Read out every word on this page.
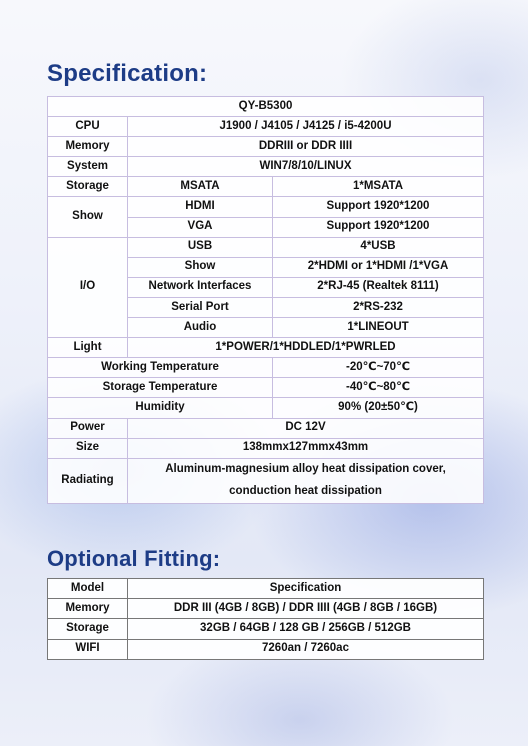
Specification:
QY-B5300		
CPU	J1900 / J4105 / J4125 / i5-4200U	
Memory	DDRIII or DDR IIII	
System	WIN7/8/10/LINUX	
Storage	MSATA	1*MSATA
Show	HDMI	Support 1920*1200
	VGA	Support 1920*1200
I/O	USB	4*USB
	Show	2*HDMI or 1*HDMI /1*VGA
	Network Interfaces	2*RJ-45 (Realtek 8111)
	Serial Port	2*RS-232
	Audio	1*LINEOUT
Light	1*POWER/1*HDDLED/1*PWRLED	
Working Temperature		-20℃~70℃
Storage Temperature		-40℃~80℃
Humidity		90% (20±50℃)
Power	DC 12V	
Size	138mmx127mmx43mm	
Radiating	Aluminum-magnesium alloy heat dissipation cover,
conduction heat dissipation	
Optional Fitting:
Model	Specification
Memory	DDR III (4GB / 8GB) / DDR IIII (4GB / 8GB / 16GB)
Storage	32GB / 64GB / 128 GB / 256GB / 512GB
WIFI	7260an / 7260ac
